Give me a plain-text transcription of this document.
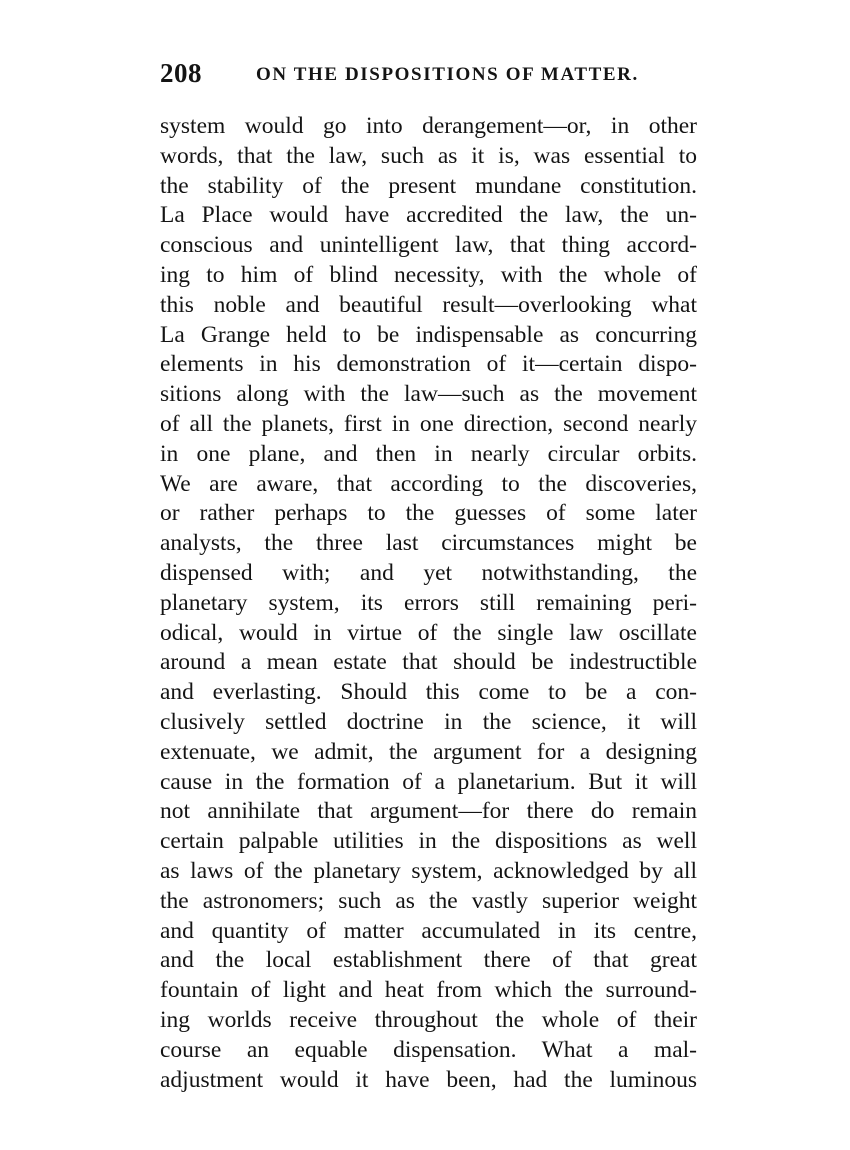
208	ON THE DISPOSITIONS OF MATTER.
system would go into derangement—or, in other
words, that the law, such as it is, was essential to
the stability of the present mundane constitution.
La Place would have accredited the law, the un-
conscious and unintelligent law, that thing accord-
ing to him of blind necessity, with the whole of
this noble and beautiful result—overlooking what
La Grange held to be indispensable as concurring
elements in his demonstration of it—certain dispo-
sitions along with the law—such as the movement
of all the planets, first in one direction, second nearly
in one plane, and then in nearly circular orbits.
We are aware, that according to the discoveries,
or rather perhaps to the guesses of some later
analysts, the three last circumstances might be
dispensed with; and yet notwithstanding, the
planetary system, its errors still remaining peri-
odical, would in virtue of the single law oscillate
around a mean estate that should be indestructible
and everlasting. Should this come to be a con-
clusively settled doctrine in the science, it will
extenuate, we admit, the argument for a designing
cause in the formation of a planetarium. But it will
not annihilate that argument—for there do remain
certain palpable utilities in the dispositions as well
as laws of the planetary system, acknowledged by all
the astronomers; such as the vastly superior weight
and quantity of matter accumulated in its centre,
and the local establishment there of that great
fountain of light and heat from which the surround-
ing worlds receive throughout the whole of their
course an equable dispensation. What a mal-
adjustment would it have been, had the luminous
